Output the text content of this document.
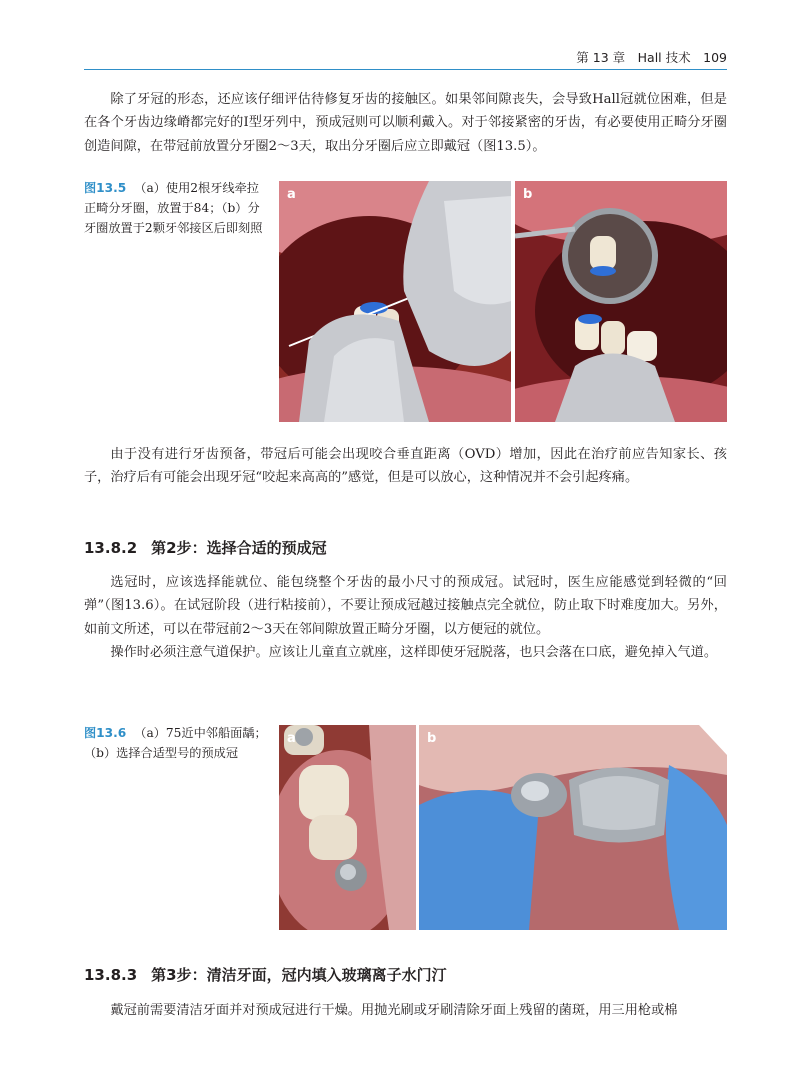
第 13 章　Hall 技术　109

除了牙冠的形态，还应该仔细评估待修复牙齿的接触区。如果邻间隙丧失，会导致Hall冠就位困难，但是在各个牙齿边缘嵴都完好的Ⅰ型牙列中，预成冠则可以顺利戴入。对于邻接紧密的牙齿，有必要使用正畸分牙圈创造间隙，在带冠前放置分牙圈2～3天，取出分牙圈后应立即戴冠（图13.5）。

图13.5 （a）使用2根牙线牵拉正畸分牙圈，放置于84；（b）分牙圈放置于2颗牙邻接区后即刻照
a	b

由于没有进行牙齿预备，带冠后可能会出现咬合垂直距离（OVD）增加，因此在治疗前应告知家长、孩子，治疗后有可能会出现牙冠“咬起来高高的”感觉，但是可以放心，这种情况并不会引起疼痛。

13.8.2 第2步：选择合适的预成冠

选冠时，应该选择能就位、能包绕整个牙齿的最小尺寸的预成冠。试冠时，医生应能感觉到轻微的“回弹”（图13.6）。在试冠阶段（进行粘接前），不要让预成冠越过接触点完全就位，防止取下时难度加大。另外，如前文所述，可以在带冠前2～3天在邻间隙放置正畸分牙圈，以方便冠的就位。

操作时必须注意气道保护。应该让儿童直立就座，这样即使牙冠脱落，也只会落在口底，避免掉入气道。

图13.6 （a）75近中邻船面龋；（b）选择合适型号的预成冠
a	b
13.8.3 第3步：清洁牙面，冠内填入玻璃离子水门汀

戴冠前需要清洁牙面并对预成冠进行干燥。用抛光刷或牙刷清除牙面上残留的菌斑，用三用枪或棉
